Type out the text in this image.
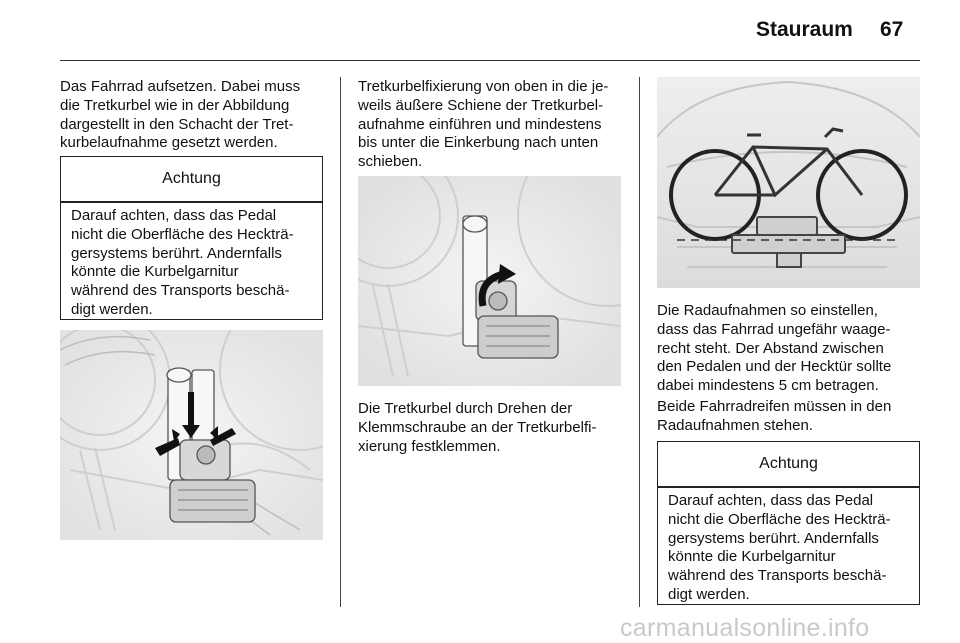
Stauraum 67
Das Fahrrad aufsetzen. Dabei muss
die Tretkurbel wie in der Abbildung
dargestellt in den Schacht der Tret-
kurbelaufnahme gesetzt werden.
Achtung
Darauf achten, dass das Pedal
nicht die Oberfläche des Heckträ-
gersystems berührt. Andernfalls
könnte die Kurbelgarnitur
während des Transports beschä-
digt werden.
Tretkurbelfixierung von oben in die je-
weils äußere Schiene der Tretkurbel-
aufnahme einführen und mindestens
bis unter die Einkerbung nach unten
schieben.
Die Tretkurbel durch Drehen der
Klemmschraube an der Tretkurbelfi-
xierung festklemmen.
Die Radaufnahmen so einstellen,
dass das Fahrrad ungefähr waage-
recht steht. Der Abstand zwischen
den Pedalen und der Hecktür sollte
dabei mindestens 5 cm betragen.
Beide Fahrradreifen müssen in den
Radaufnahmen stehen.
Achtung
Darauf achten, dass das Pedal
nicht die Oberfläche des Heckträ-
gersystems berührt. Andernfalls
könnte die Kurbelgarnitur
während des Transports beschä-
digt werden.
carmanualsonline.info
